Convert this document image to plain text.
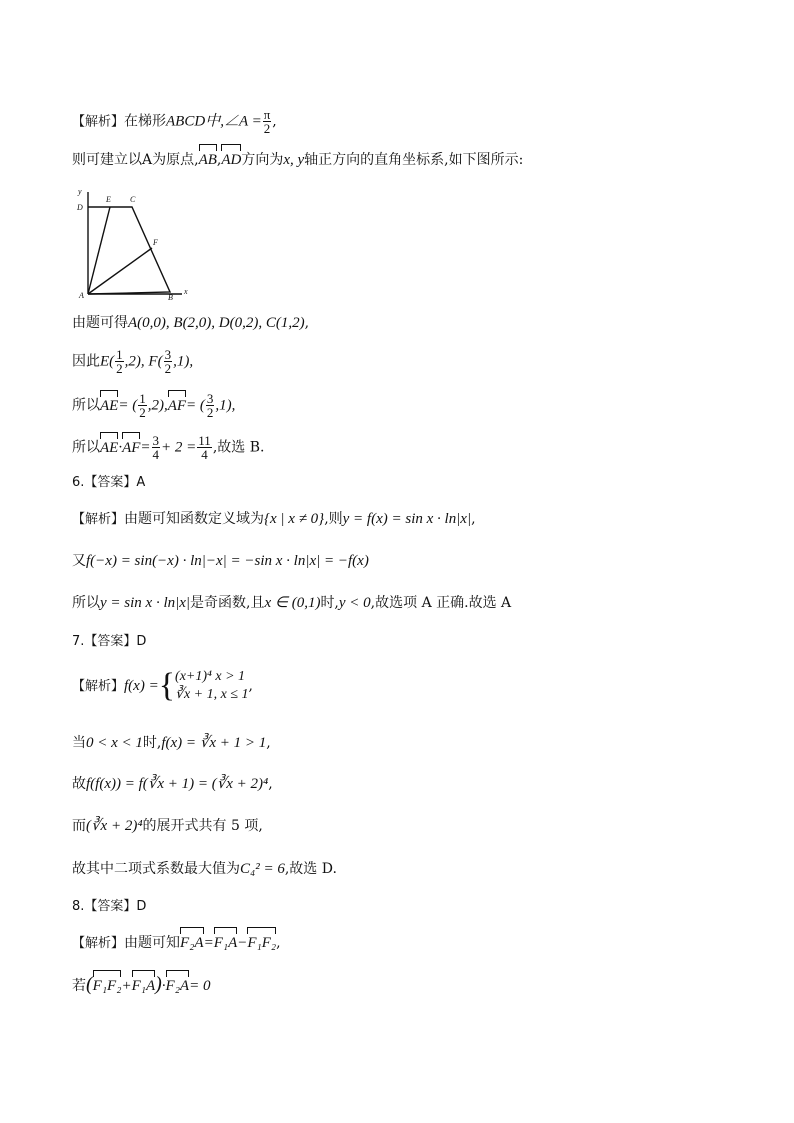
【解析】在梯形ABCD中,∠A = $\frac{\pi}{2}$ ,
则可建立以A为原点,
AB,
AD方向为x, y轴正方向的直角坐标系,如下图所示:
y
x
A	B
C
D
E
F
由题可得A(0,0), B(2,0), D(0,2), C(1,2),
因此$E( \frac{1}{2} ,2)$, $F( \frac{3}{2} ,1)$,
所以
AE= ( $\frac{1}{2} ,2$),
AF= ( $\frac{3}{2} ,1$),
所以
AE·
$AF= \frac{3}{4} + 2 = \frac{11}{4}$ ,故选 B.
6.【答案】A
【解析】由题可知函数定义域为{x | x ≠ 0},则y = f(x) = sin x · ln|x|,
又f(−x) = sin(−x) · ln|−x| = −sin x · ln|x| = −f(x)
所以y = sin x · ln|x|是奇函数,且x ∈ (0,1)时,y < 0,故选项 A 正确.故选 A
7.【答案】D
【解析】f(x) ={ (x+1)⁴ x > 1
∛x + 1, x ≤ 1
,
当0 < x < 1时,f(x) = ∛x + 1 > 1,
故f(f(x)) = f(∛x + 1) = (∛x + 2)⁴,
而(∛x + 2)⁴的展开式共有 5 项,
故其中二项式系数最大值为C₄² = 6,故选 D.
8.【答案】D
【解析】由题可知
F₂A=
F₁A−
F₁F₂,
若(
F₁F₂+
F₁A)·
F₂A= 0
